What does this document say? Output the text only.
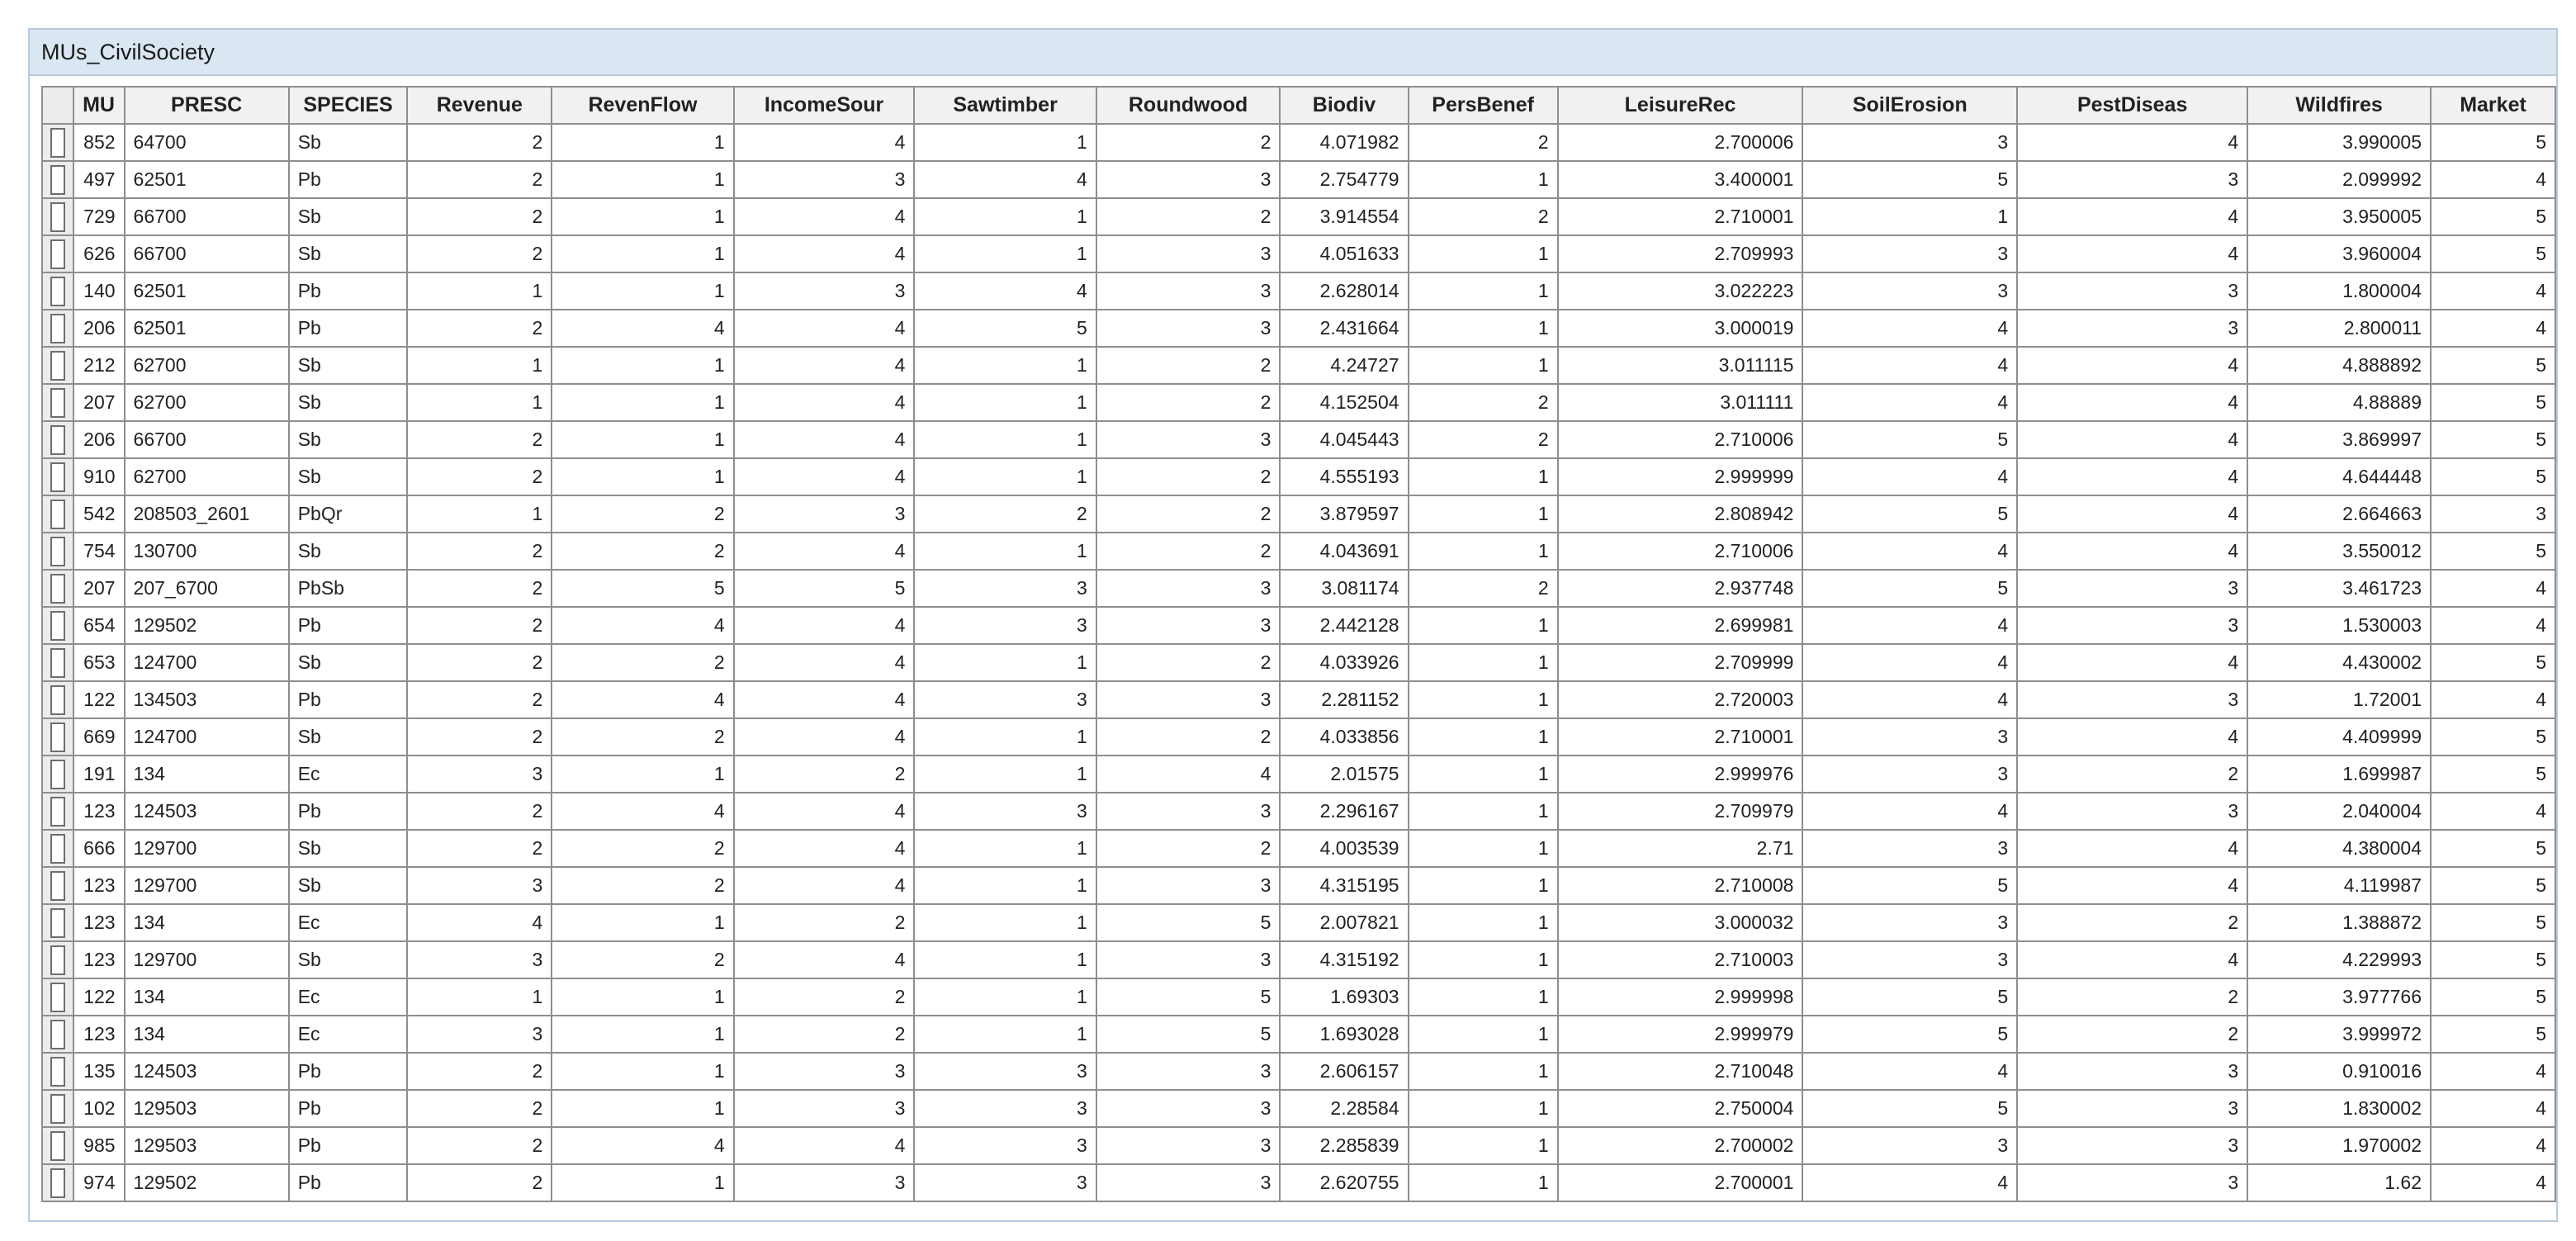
MUs_CivilSociety
	MU	PRESC	SPECIES	Revenue	RevenFlow	IncomeSour	Sawtimber	Roundwood	Biodiv	PersBenef	LeisureRec	SoilErosion	PestDiseas	Wildfires	Market

	852	64700	Sb	2	1	4	1	2	4.071982	2	2.700006	3	4	3.990005	5

	497	62501	Pb	2	1	3	4	3	2.754779	1	3.400001	5	3	2.099992	4

	729	66700	Sb	2	1	4	1	2	3.914554	2	2.710001	1	4	3.950005	5

	626	66700	Sb	2	1	4	1	3	4.051633	1	2.709993	3	4	3.960004	5

	140	62501	Pb	1	1	3	4	3	2.628014	1	3.022223	3	3	1.800004	4

	206	62501	Pb	2	4	4	5	3	2.431664	1	3.000019	4	3	2.800011	4

	212	62700	Sb	1	1	4	1	2	4.24727	1	3.011115	4	4	4.888892	5

	207	62700	Sb	1	1	4	1	2	4.152504	2	3.011111	4	4	4.88889	5

	206	66700	Sb	2	1	4	1	3	4.045443	2	2.710006	5	4	3.869997	5

	910	62700	Sb	2	1	4	1	2	4.555193	1	2.999999	4	4	4.644448	5

	542	208503_2601	PbQr	1	2	3	2	2	3.879597	1	2.808942	5	4	2.664663	3

	754	130700	Sb	2	2	4	1	2	4.043691	1	2.710006	4	4	3.550012	5

	207	207_6700	PbSb	2	5	5	3	3	3.081174	2	2.937748	5	3	3.461723	4

	654	129502	Pb	2	4	4	3	3	2.442128	1	2.699981	4	3	1.530003	4

	653	124700	Sb	2	2	4	1	2	4.033926	1	2.709999	4	4	4.430002	5

	122	134503	Pb	2	4	4	3	3	2.281152	1	2.720003	4	3	1.72001	4

	669	124700	Sb	2	2	4	1	2	4.033856	1	2.710001	3	4	4.409999	5

	191	134	Ec	3	1	2	1	4	2.01575	1	2.999976	3	2	1.699987	5

	123	124503	Pb	2	4	4	3	3	2.296167	1	2.709979	4	3	2.040004	4

	666	129700	Sb	2	2	4	1	2	4.003539	1	2.71	3	4	4.380004	5

	123	129700	Sb	3	2	4	1	3	4.315195	1	2.710008	5	4	4.119987	5

	123	134	Ec	4	1	2	1	5	2.007821	1	3.000032	3	2	1.388872	5

	123	129700	Sb	3	2	4	1	3	4.315192	1	2.710003	3	4	4.229993	5

	122	134	Ec	1	1	2	1	5	1.69303	1	2.999998	5	2	3.977766	5

	123	134	Ec	3	1	2	1	5	1.693028	1	2.999979	5	2	3.999972	5

	135	124503	Pb	2	1	3	3	3	2.606157	1	2.710048	4	3	0.910016	4

	102	129503	Pb	2	1	3	3	3	2.28584	1	2.750004	5	3	1.830002	4

	985	129503	Pb	2	4	4	3	3	2.285839	1	2.700002	3	3	1.970002	4

	974	129502	Pb	2	1	3	3	3	2.620755	1	2.700001	4	3	1.62	4
